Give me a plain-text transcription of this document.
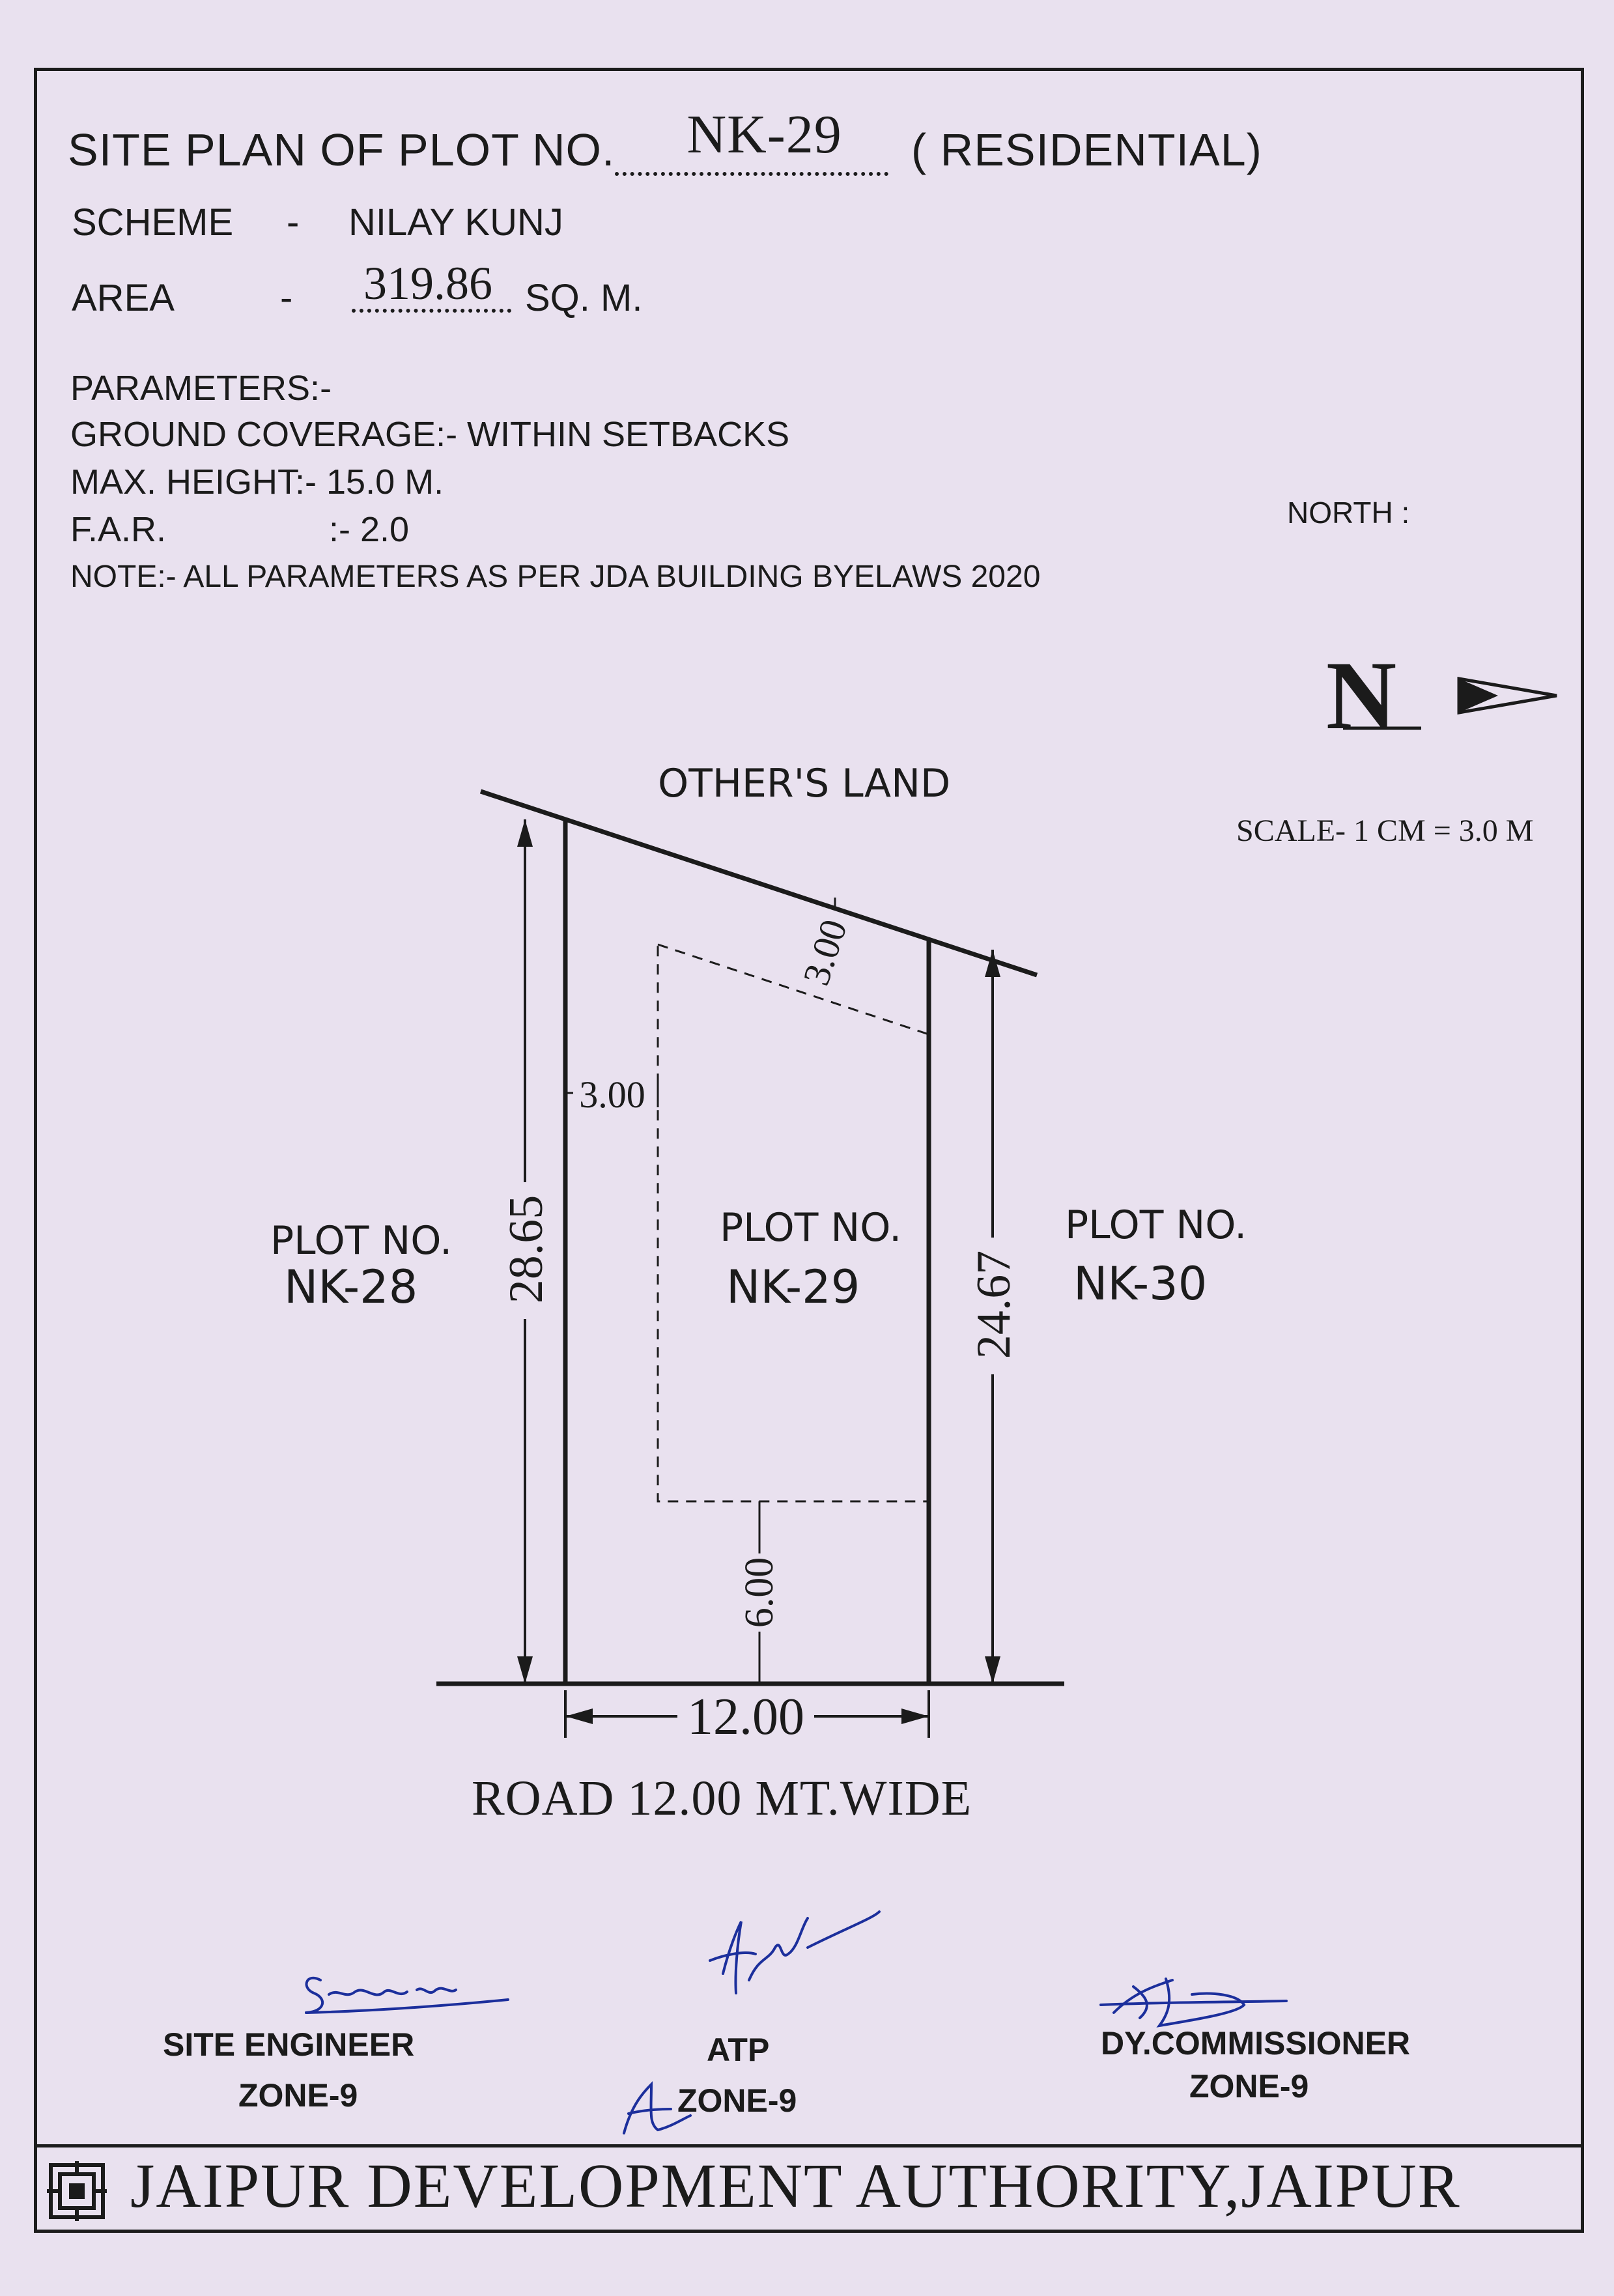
SITE PLAN OF PLOT NO. NK-29 ( RESIDENTIAL)
SCHEME - NILAY KUNJ
AREA	- 319.86 SQ. M.
PARAMETERS:-
GROUND COVERAGE:- WITHIN SETBACKS
MAX. HEIGHT:- 15.0 M.
F.A.R.	:- 2.0
NOTE:- ALL PARAMETERS AS PER JDA BUILDING BYELAWS 2020
NORTH :
N
28.65
24.67
12.00
6.00
3.00
3.00
SCALE- 1 CM = 3.0 M
OTHER'S LAND
PLOT NO.
NK-28
PLOT NO.
NK-29
PLOT NO.
NK-30
ROAD 12.00 MT.WIDE
SITE ENGINEER
ZONE-9
ATP
ZONE-9
DY.COMMISSIONER
ZONE-9
JAIPUR DEVELOPMENT AUTHORITY,JAIPUR
